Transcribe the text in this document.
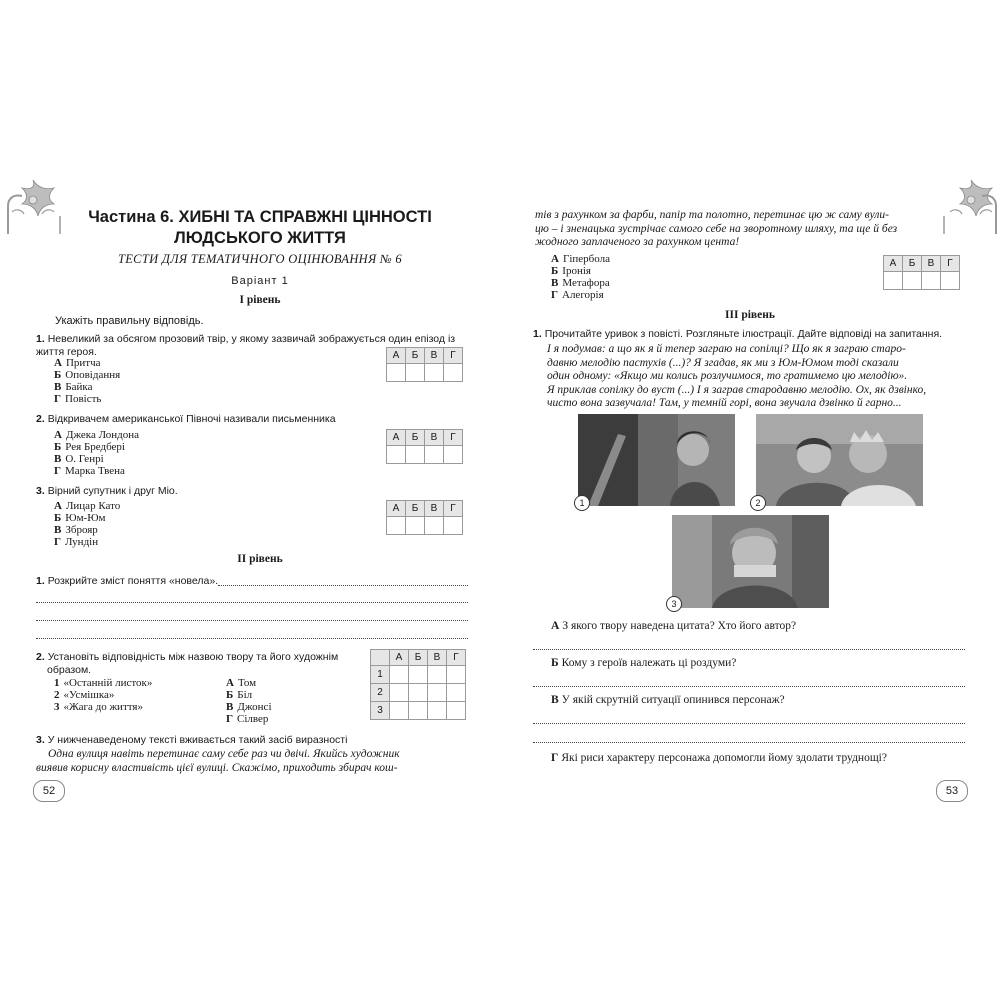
Частина 6. ХИБНІ ТА СПРАВЖНІ ЦІННОСТІ
ЛЮДСЬКОГО ЖИТТЯ
ТЕСТИ ДЛЯ ТЕМАТИЧНОГО ОЦІНЮВАННЯ № 6
Варіант 1
І рівень
Укажіть правильну відповідь.
1. Невеликий за обсягом прозовий твір, у якому зазвичай зображується один епізод із життя героя.
А Притча
Б Оповідання
В Байка
Г Повість
А	Б	В	Г

2. Відкривачем американської Півночі називали письменника
А Джека Лондона
Б Рея Бредбері
В О. Генрі
Г Марка Твена
А	Б	В	Г

3. Вірний супутник і друг Міо.
А Лицар Като
Б Юм-Юм
В Зброяр
Г Лундін
А	Б	В	Г

ІІ рівень
1. Розкрийте зміст поняття «новела».
2. Установіть відповідність між назвою твору та його художнім
образом.
1 «Останній листок»
2 «Усмішка»
3 «Жага до життя»
А Том
Б Біл
В Джонсі
Г Сілвер
	А	Б	В	Г
1				
2				
3				
3. У нижченаведеному тексті вживається такий засіб виразності
Одна вулиця навіть перетинає саму себе раз чи двічі. Якийсь художник
виявив корисну властивість цієї вулиці. Скажімо, приходить збирач кош-
52
тів з рахунком за фарби, папір та полотно, перетинає цю ж саму вули-
цю – і зненацька зустрічає самого себе на зворотному шляху, та ще й без
жодного заплаченого за рахунком цента!
А Гіпербола
Б Іронія
В Метафора
Г Алегорія
А	Б	В	Г

ІІІ рівень
1. Прочитайте уривок з повісті. Розгляньте ілюстрації. Дайте відповіді на запитання.
І я подумав: а що як я й тепер заграю на сопілці? Що як я заграю старо-
давню мелодію пастухів (...)? Я згадав, як ми з Юм-Юмом тоді сказали
один одному: «Якщо ми колись розлучимося, то гратимемо цю мелодію».
Я приклав сопілку до вуст (...) І я заграв стародавню мелодію. Ох, як дзвінко,
чисто вона зазвучала! Там, у темній горі, вона звучала дзвінко й гарно...
1	2
3
А З якого твору наведена цитата? Хто його автор?
Б Кому з героїв належать ці роздуми?
В У якій скрутній ситуації опинився персонаж?
Г Які риси характеру персонажа допомогли йому здолати труднощі?
53
